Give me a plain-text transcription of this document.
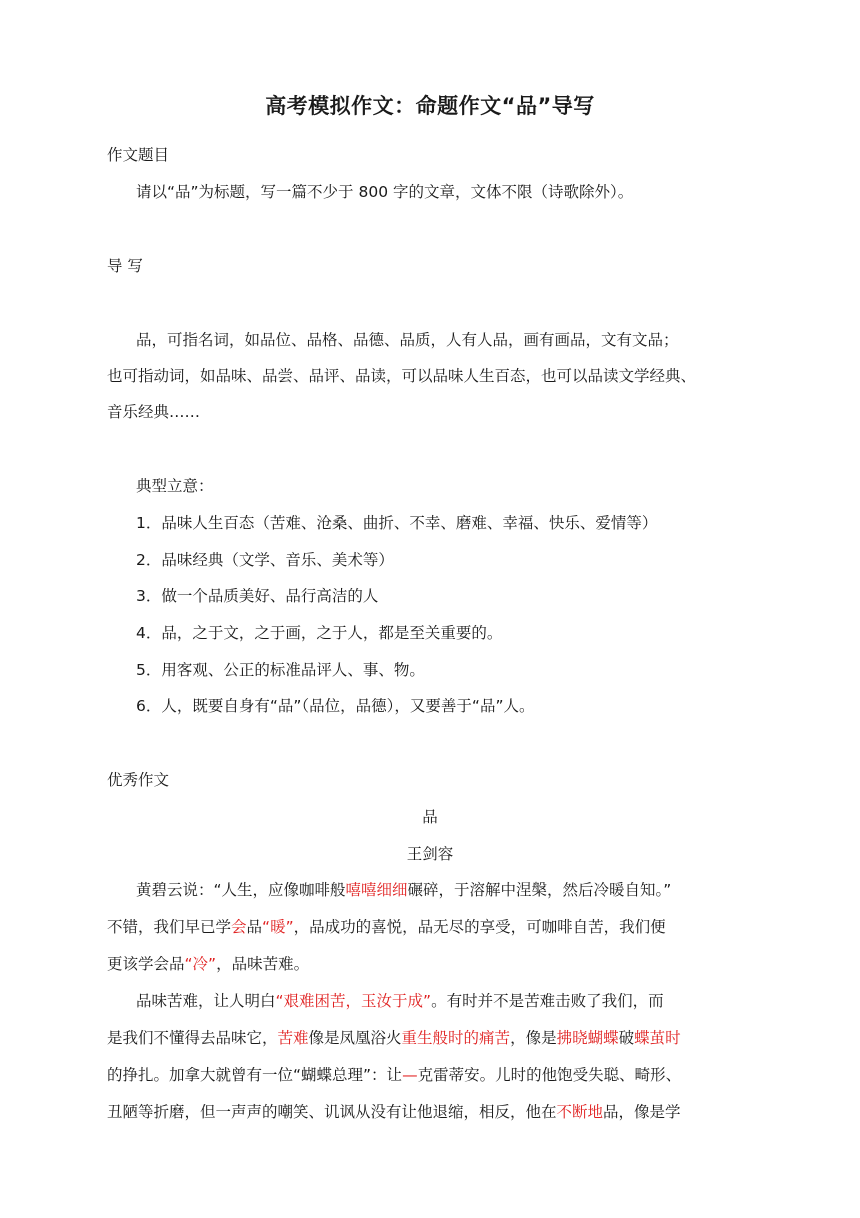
高考模拟作文：命题作文“品”导写
作文题目
请以“品”为标题，写一篇不少于 800 字的文章，文体不限（诗歌除外）。
导 写
品，可指名词，如品位、品格、品德、品质，人有人品，画有画品，文有文品；
也可指动词，如品味、品尝、品评、品读，可以品味人生百态，也可以品读文学经典、
音乐经典……
典型立意：
1．品味人生百态（苦难、沧桑、曲折、不幸、磨难、幸福、快乐、爱情等）
2．品味经典（文学、音乐、美术等）
3．做一个品质美好、品行高洁的人
4．品，之于文，之于画，之于人，都是至关重要的。
5．用客观、公正的标准品评人、事、物。
6．人，既要自身有“品”（品位，品德），又要善于“品”人。
优秀作文
品
王剑容
黄碧云说：“人生，应像咖啡般嘻嘻细细碾碎，于溶解中涅槃，然后冷暖自知。”
不错，我们早已学会品“暖”，品成功的喜悦，品无尽的享受，可咖啡自苦，我们便
更该学会品“冷”，品味苦难。
品味苦难，让人明白“艰难困苦，玉汝于成”。有时并不是苦难击败了我们，而
是我们不懂得去品味它，苦难像是凤凰浴火重生般时的痛苦，像是拂晓蝴蝶破蝶茧时
的挣扎。加拿大就曾有一位“蝴蝶总理”：让—克雷蒂安。儿时的他饱受失聪、畸形、
丑陋等折磨，但一声声的嘲笑、讥讽从没有让他退缩，相反，他在不断地品，像是学
